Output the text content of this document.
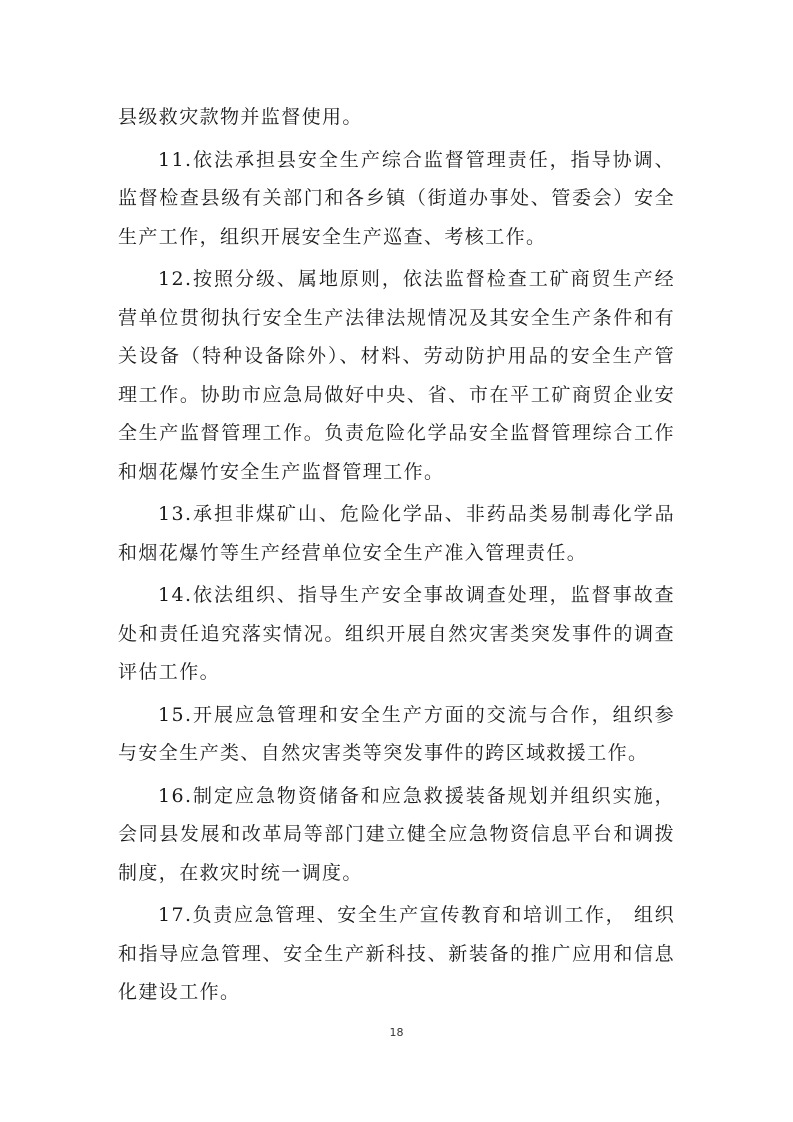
县级救灾款物并监督使用。

11.依法承担县安全生产综合监督管理责任，指导协调、监督检查县级有关部门和各乡镇（街道办事处、管委会）安全生产工作，组织开展安全生产巡查、考核工作。

12.按照分级、属地原则，依法监督检查工矿商贸生产经营单位贯彻执行安全生产法律法规情况及其安全生产条件和有关设备（特种设备除外）、材料、劳动防护用品的安全生产管理工作。协助市应急局做好中央、省、市在平工矿商贸企业安全生产监督管理工作。负责危险化学品安全监督管理综合工作和烟花爆竹安全生产监督管理工作。

13.承担非煤矿山、危险化学品、非药品类易制毒化学品和烟花爆竹等生产经营单位安全生产准入管理责任。

14.依法组织、指导生产安全事故调查处理，监督事故查处和责任追究落实情况。组织开展自然灾害类突发事件的调查评估工作。

15.开展应急管理和安全生产方面的交流与合作，组织参与安全生产类、自然灾害类等突发事件的跨区域救援工作。

16.制定应急物资储备和应急救援装备规划并组织实施，会同县发展和改革局等部门建立健全应急物资信息平台和调拨制度，在救灾时统一调度。

17.负责应急管理、安全生产宣传教育和培训工作， 组织和指导应急管理、安全生产新科技、新装备的推广应用和信息化建设工作。

18
